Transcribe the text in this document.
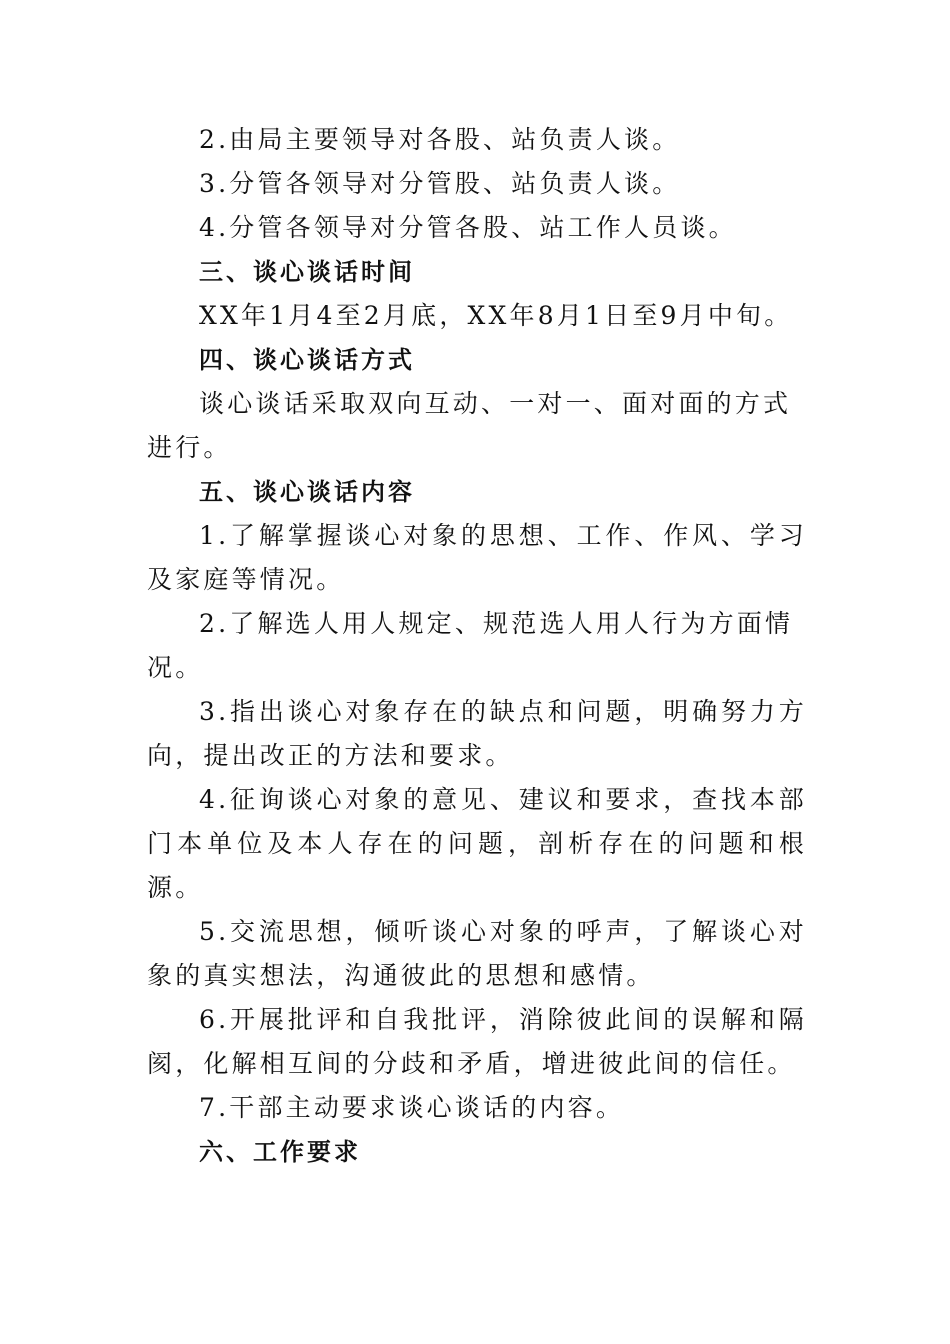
2.由局主要领导对各股、站负责人谈。

3.分管各领导对分管股、站负责人谈。

4.分管各领导对分管各股、站工作人员谈。

三、谈心谈话时间

XX年1月4至2月底，XX年8月1日至9月中旬。

四、谈心谈话方式

谈心谈话采取双向互动、一对一、面对面的方式进行。

五、谈心谈话内容

1.了解掌握谈心对象的思想、工作、作风、学习及家庭等情况。

2.了解选人用人规定、规范选人用人行为方面情况。

3.指出谈心对象存在的缺点和问题，明确努力方向，提出改正的方法和要求。

4.征询谈心对象的意见、建议和要求，查找本部门本单位及本人存在的问题，剖析存在的问题和根源。

5.交流思想，倾听谈心对象的呼声，了解谈心对象的真实想法，沟通彼此的思想和感情。

6.开展批评和自我批评，消除彼此间的误解和隔阂，化解相互间的分歧和矛盾，增进彼此间的信任。

7.干部主动要求谈心谈话的内容。

六、工作要求
